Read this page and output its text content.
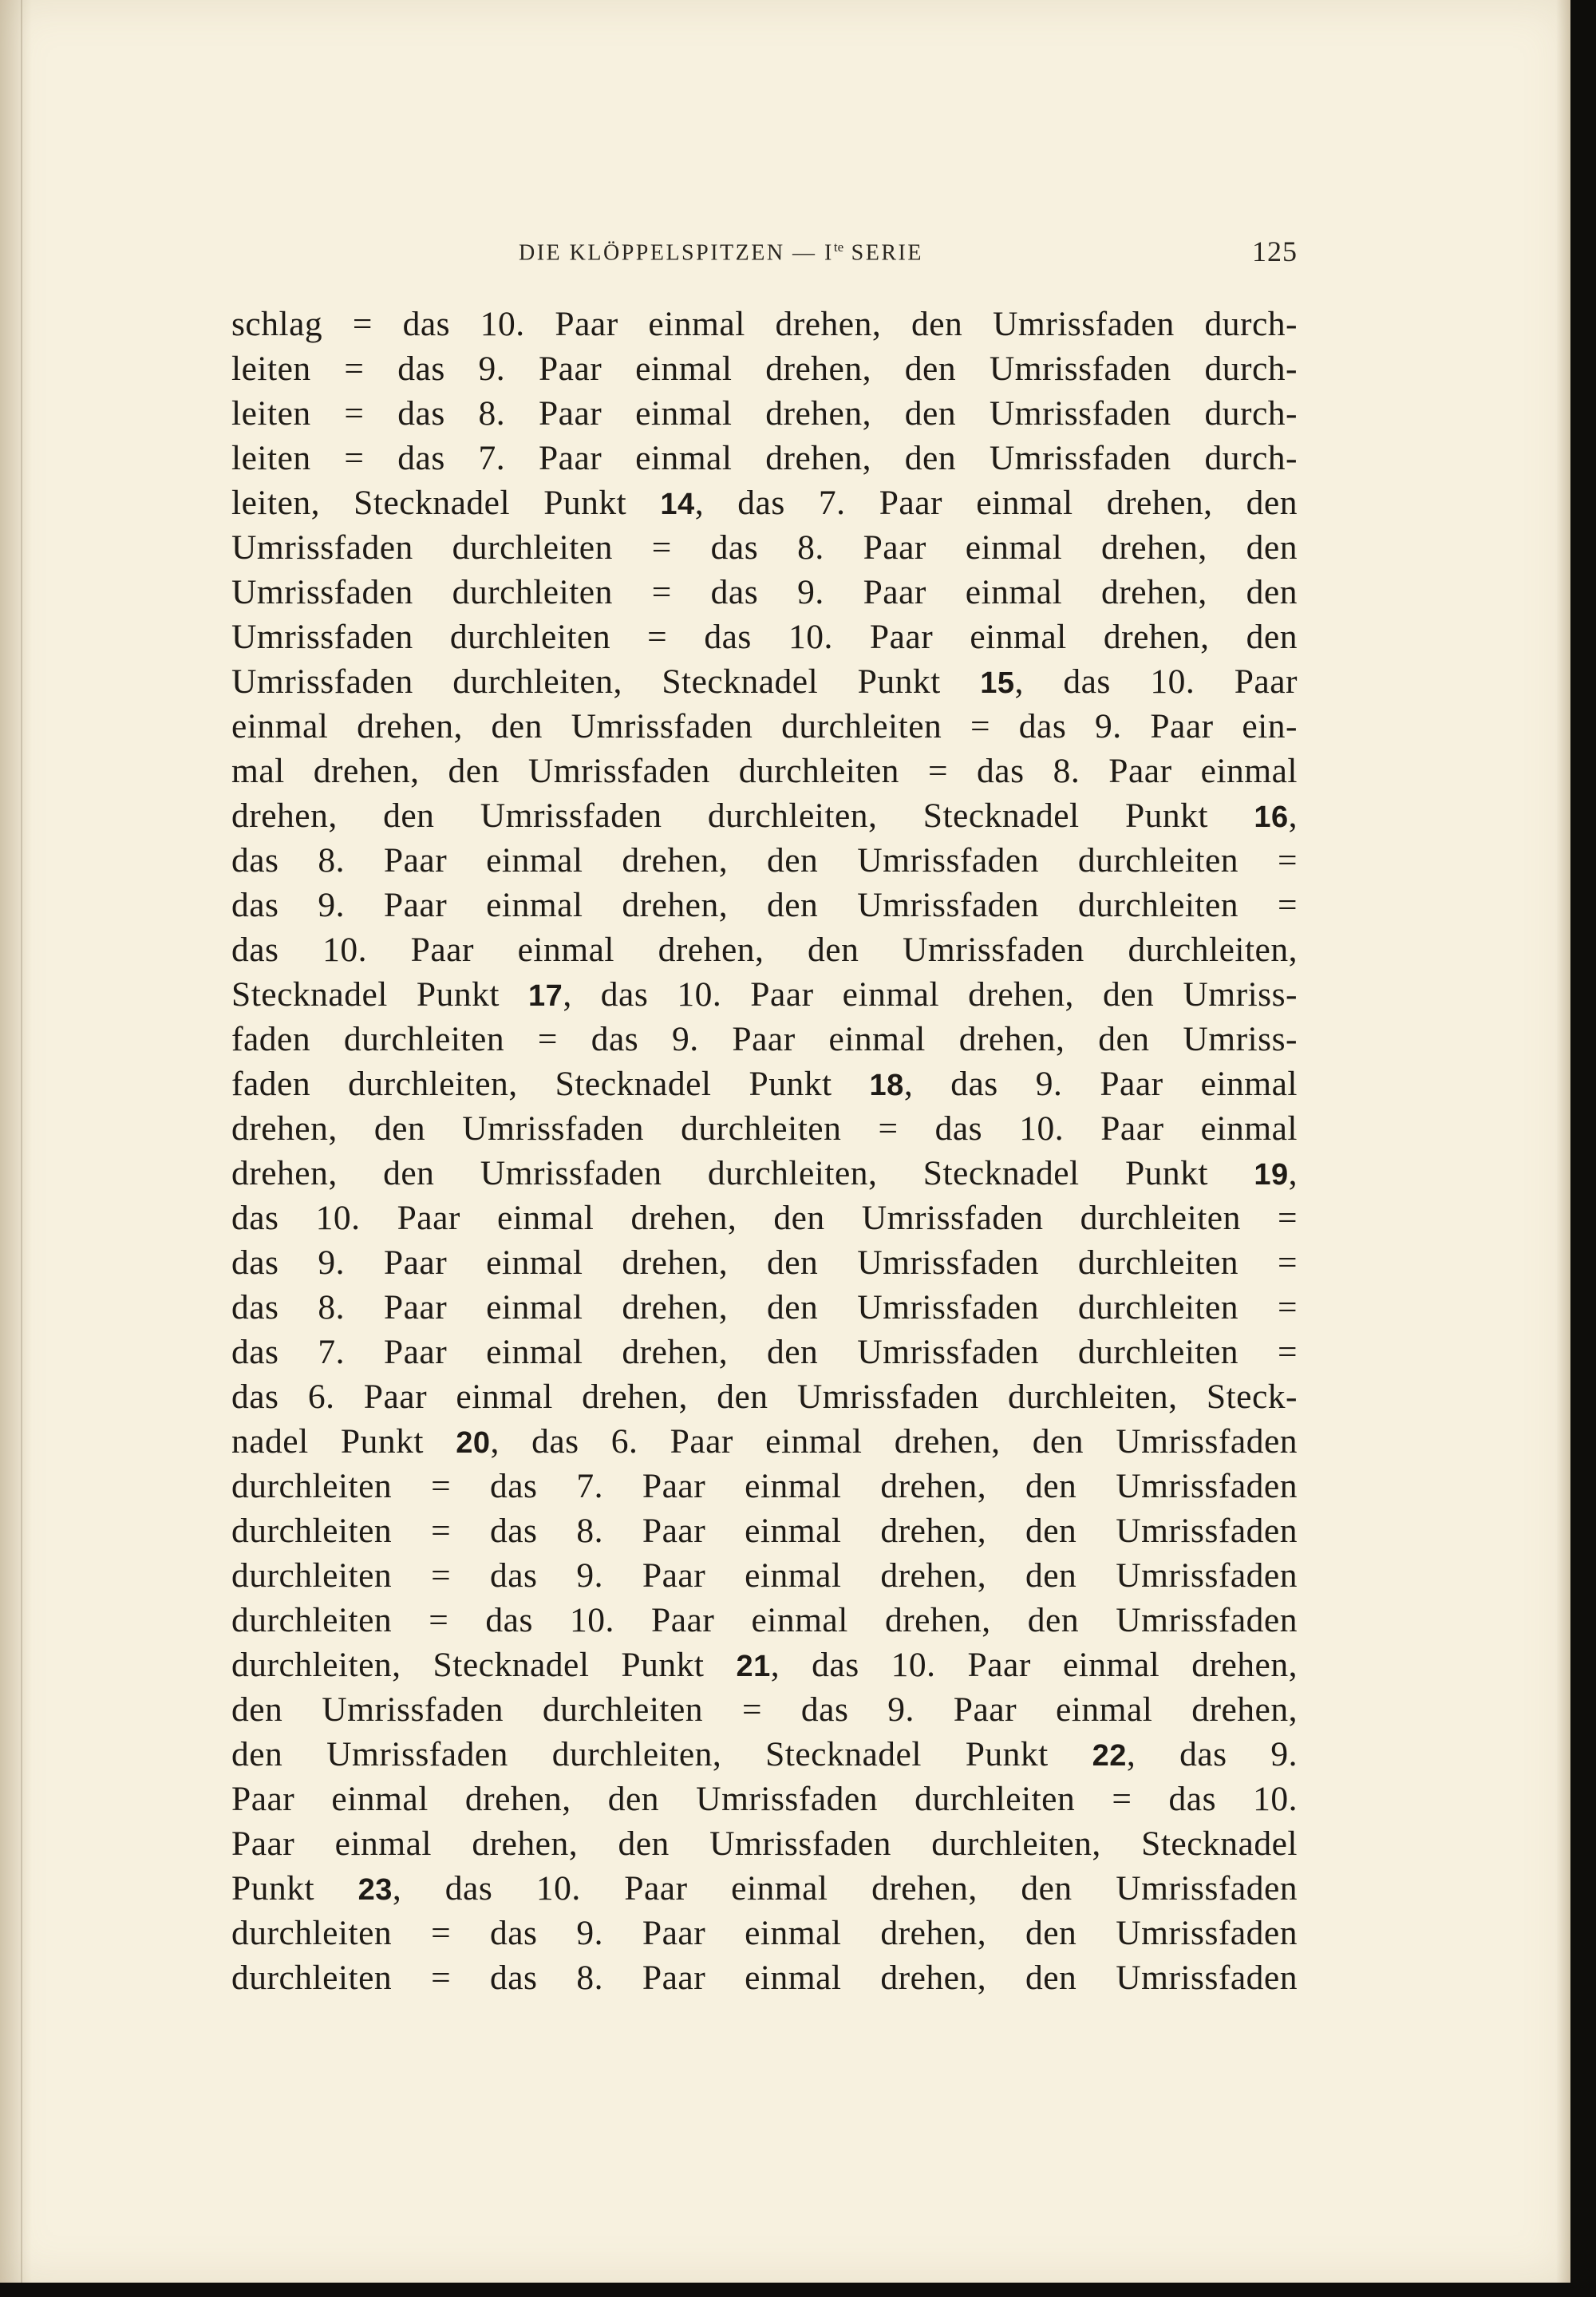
DIE KLÖPPELSPITZEN — $I^{te}$ SERIE	125
schlag = das 10. Paar einmal drehen, den Umrissfaden durch-
leiten = das 9. Paar einmal drehen, den Umrissfaden durch-
leiten = das 8. Paar einmal drehen, den Umrissfaden durch-
leiten = das 7. Paar einmal drehen, den Umrissfaden durch-
leiten, Stecknadel Punkt 14, das 7. Paar einmal drehen, den
Umrissfaden durchleiten = das 8. Paar einmal drehen, den
Umrissfaden durchleiten = das 9. Paar einmal drehen, den
Umrissfaden durchleiten = das 10. Paar einmal drehen, den
Umrissfaden durchleiten, Stecknadel Punkt 15, das 10. Paar
einmal drehen, den Umrissfaden durchleiten = das 9. Paar ein-
mal drehen, den Umrissfaden durchleiten = das 8. Paar einmal
drehen, den Umrissfaden durchleiten, Stecknadel Punkt 16,
das 8. Paar einmal drehen, den Umrissfaden durchleiten =
das 9. Paar einmal drehen, den Umrissfaden durchleiten =
das 10. Paar einmal drehen, den Umrissfaden durchleiten,
Stecknadel Punkt 17, das 10. Paar einmal drehen, den Umriss-
faden durchleiten = das 9. Paar einmal drehen, den Umriss-
faden durchleiten, Stecknadel Punkt 18, das 9. Paar einmal
drehen, den Umrissfaden durchleiten = das 10. Paar einmal
drehen, den Umrissfaden durchleiten, Stecknadel Punkt 19,
das 10. Paar einmal drehen, den Umrissfaden durchleiten =
das 9. Paar einmal drehen, den Umrissfaden durchleiten =
das 8. Paar einmal drehen, den Umrissfaden durchleiten =
das 7. Paar einmal drehen, den Umrissfaden durchleiten =
das 6. Paar einmal drehen, den Umrissfaden durchleiten, Steck-
nadel Punkt 20, das 6. Paar einmal drehen, den Umrissfaden
durchleiten = das 7. Paar einmal drehen, den Umrissfaden
durchleiten = das 8. Paar einmal drehen, den Umrissfaden
durchleiten = das 9. Paar einmal drehen, den Umrissfaden
durchleiten = das 10. Paar einmal drehen, den Umrissfaden
durchleiten, Stecknadel Punkt 21, das 10. Paar einmal drehen,
den Umrissfaden durchleiten = das 9. Paar einmal drehen,
den Umrissfaden durchleiten, Stecknadel Punkt 22, das 9.
Paar einmal drehen, den Umrissfaden durchleiten = das 10.
Paar einmal drehen, den Umrissfaden durchleiten, Stecknadel
Punkt 23, das 10. Paar einmal drehen, den Umrissfaden
durchleiten = das 9. Paar einmal drehen, den Umrissfaden
durchleiten = das 8. Paar einmal drehen, den Umrissfaden
